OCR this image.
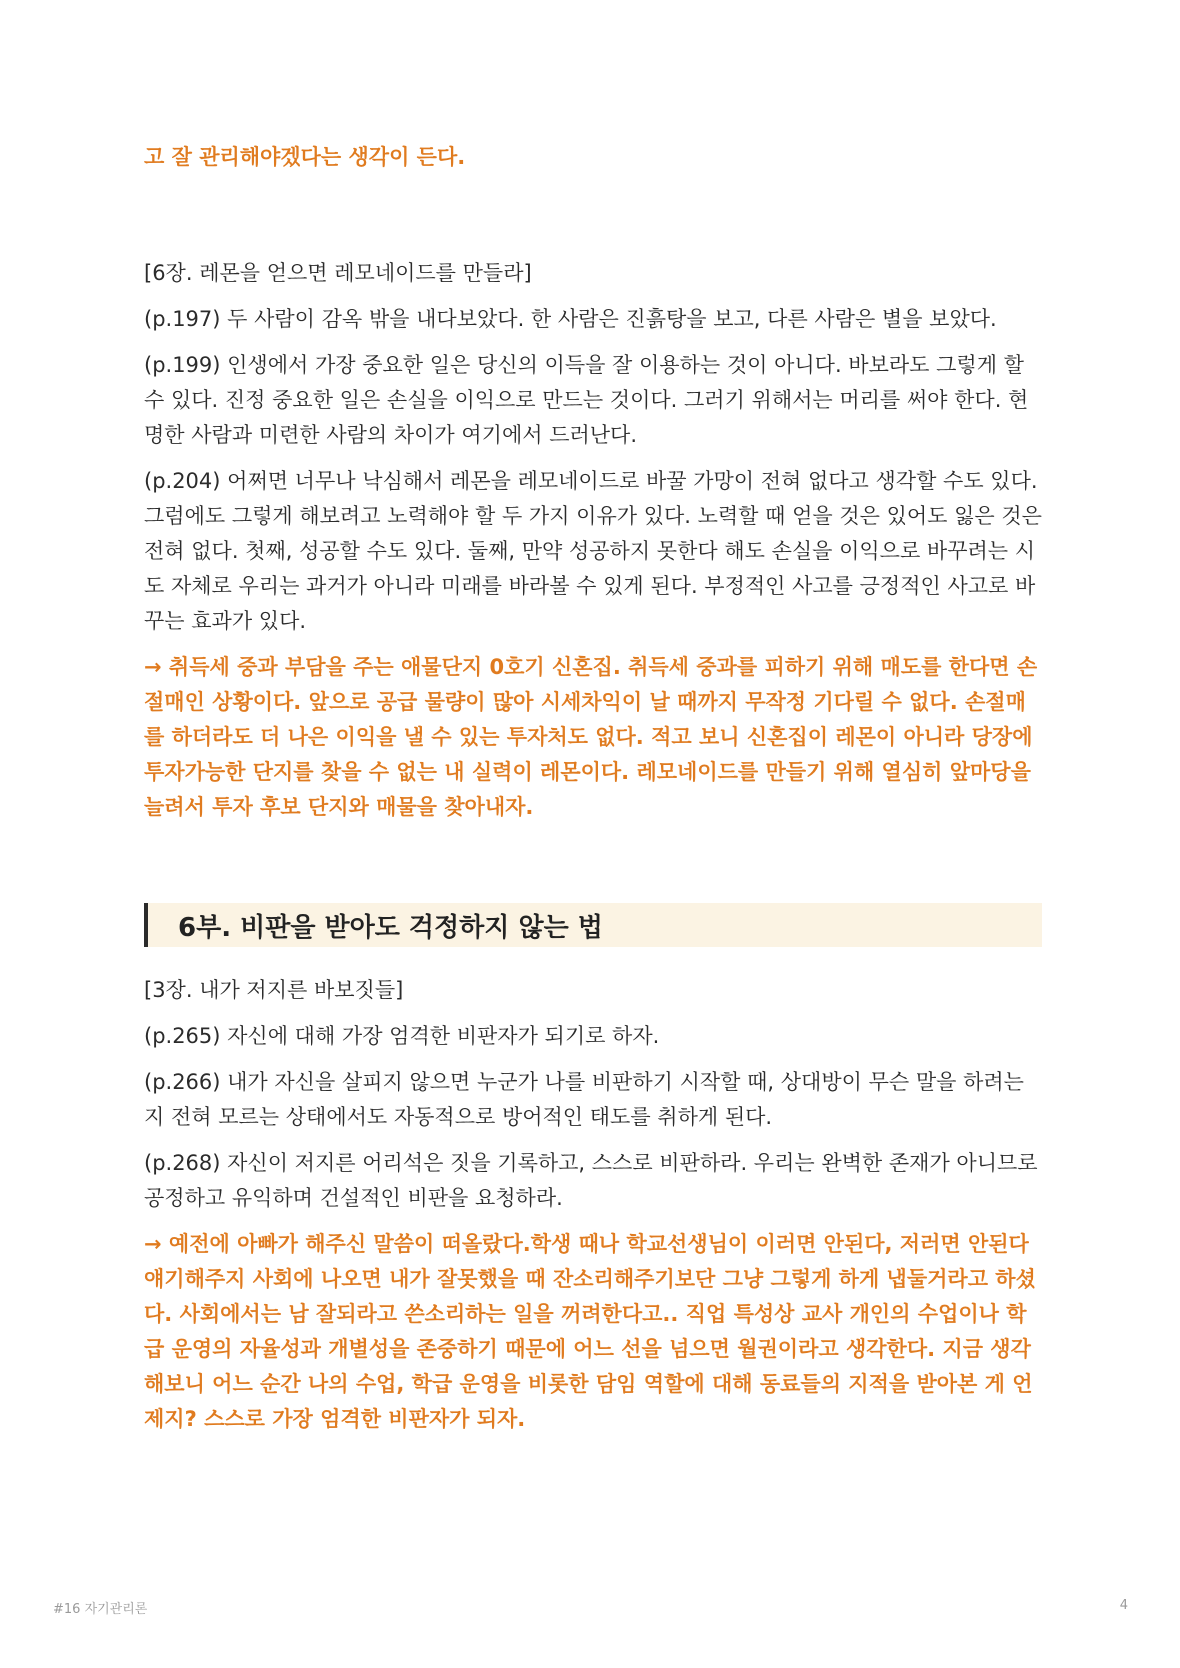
고 잘 관리해야겠다는 생각이 든다.

[6장. 레몬을 얻으면 레모네이드를 만들라]

(p.197) 두 사람이 감옥 밖을 내다보았다. 한 사람은 진흙탕을 보고, 다른 사람은 별을 보았다.

(p.199) 인생에서 가장 중요한 일은 당신의 이득을 잘 이용하는 것이 아니다. 바보라도 그렇게 할 수 있다. 진정 중요한 일은 손실을 이익으로 만드는 것이다. 그러기 위해서는 머리를 써야 한다. 현명한 사람과 미련한 사람의 차이가 여기에서 드러난다.

(p.204) 어쩌면 너무나 낙심해서 레몬을 레모네이드로 바꿀 가망이 전혀 없다고 생각할 수도 있다. 그럼에도 그렇게 해보려고 노력해야 할 두 가지 이유가 있다. 노력할 때 얻을 것은 있어도 잃은 것은 전혀 없다. 첫째, 성공할 수도 있다. 둘째, 만약 성공하지 못한다 해도 손실을 이익으로 바꾸려는 시도 자체로 우리는 과거가 아니라 미래를 바라볼 수 있게 된다. 부정적인 사고를 긍정적인 사고로 바꾸는 효과가 있다.

→ 취득세 중과 부담을 주는 애물단지 0호기 신혼집. 취득세 중과를 피하기 위해 매도를 한다면 손절매인 상황이다. 앞으로 공급 물량이 많아 시세차익이 날 때까지 무작정 기다릴 수 없다. 손절매를 하더라도 더 나은 이익을 낼 수 있는 투자처도 없다. 적고 보니 신혼집이 레몬이 아니라 당장에 투자가능한 단지를 찾을 수 없는 내 실력이 레몬이다. 레모네이드를 만들기 위해 열심히 앞마당을 늘려서 투자 후보 단지와 매물을 찾아내자.

6부. 비판을 받아도 걱정하지 않는 법

[3장. 내가 저지른 바보짓들]

(p.265) 자신에 대해 가장 엄격한 비판자가 되기로 하자.

(p.266) 내가 자신을 살피지 않으면 누군가 나를 비판하기 시작할 때, 상대방이 무슨 말을 하려는지 전혀 모르는 상태에서도 자동적으로 방어적인 태도를 취하게 된다.

(p.268) 자신이 저지른 어리석은 짓을 기록하고, 스스로 비판하라. 우리는 완벽한 존재가 아니므로 공정하고 유익하며 건설적인 비판을 요청하라.

→ 예전에 아빠가 해주신 말씀이 떠올랐다.학생 때나 학교선생님이 이러면 안된다, 저러면 안된다 얘기해주지 사회에 나오면 내가 잘못했을 때 잔소리해주기보단 그냥 그렇게 하게 냅둘거라고 하셨다. 사회에서는 남 잘되라고 쓴소리하는 일을 꺼려한다고.. 직업 특성상 교사 개인의 수업이나 학급 운영의 자율성과 개별성을 존중하기 때문에 어느 선을 넘으면 월권이라고 생각한다. 지금 생각해보니 어느 순간 나의 수업, 학급 운영을 비롯한 담임 역할에 대해 동료들의 지적을 받아본 게 언제지? 스스로 가장 엄격한 비판자가 되자.

#16 자기관리론	4
